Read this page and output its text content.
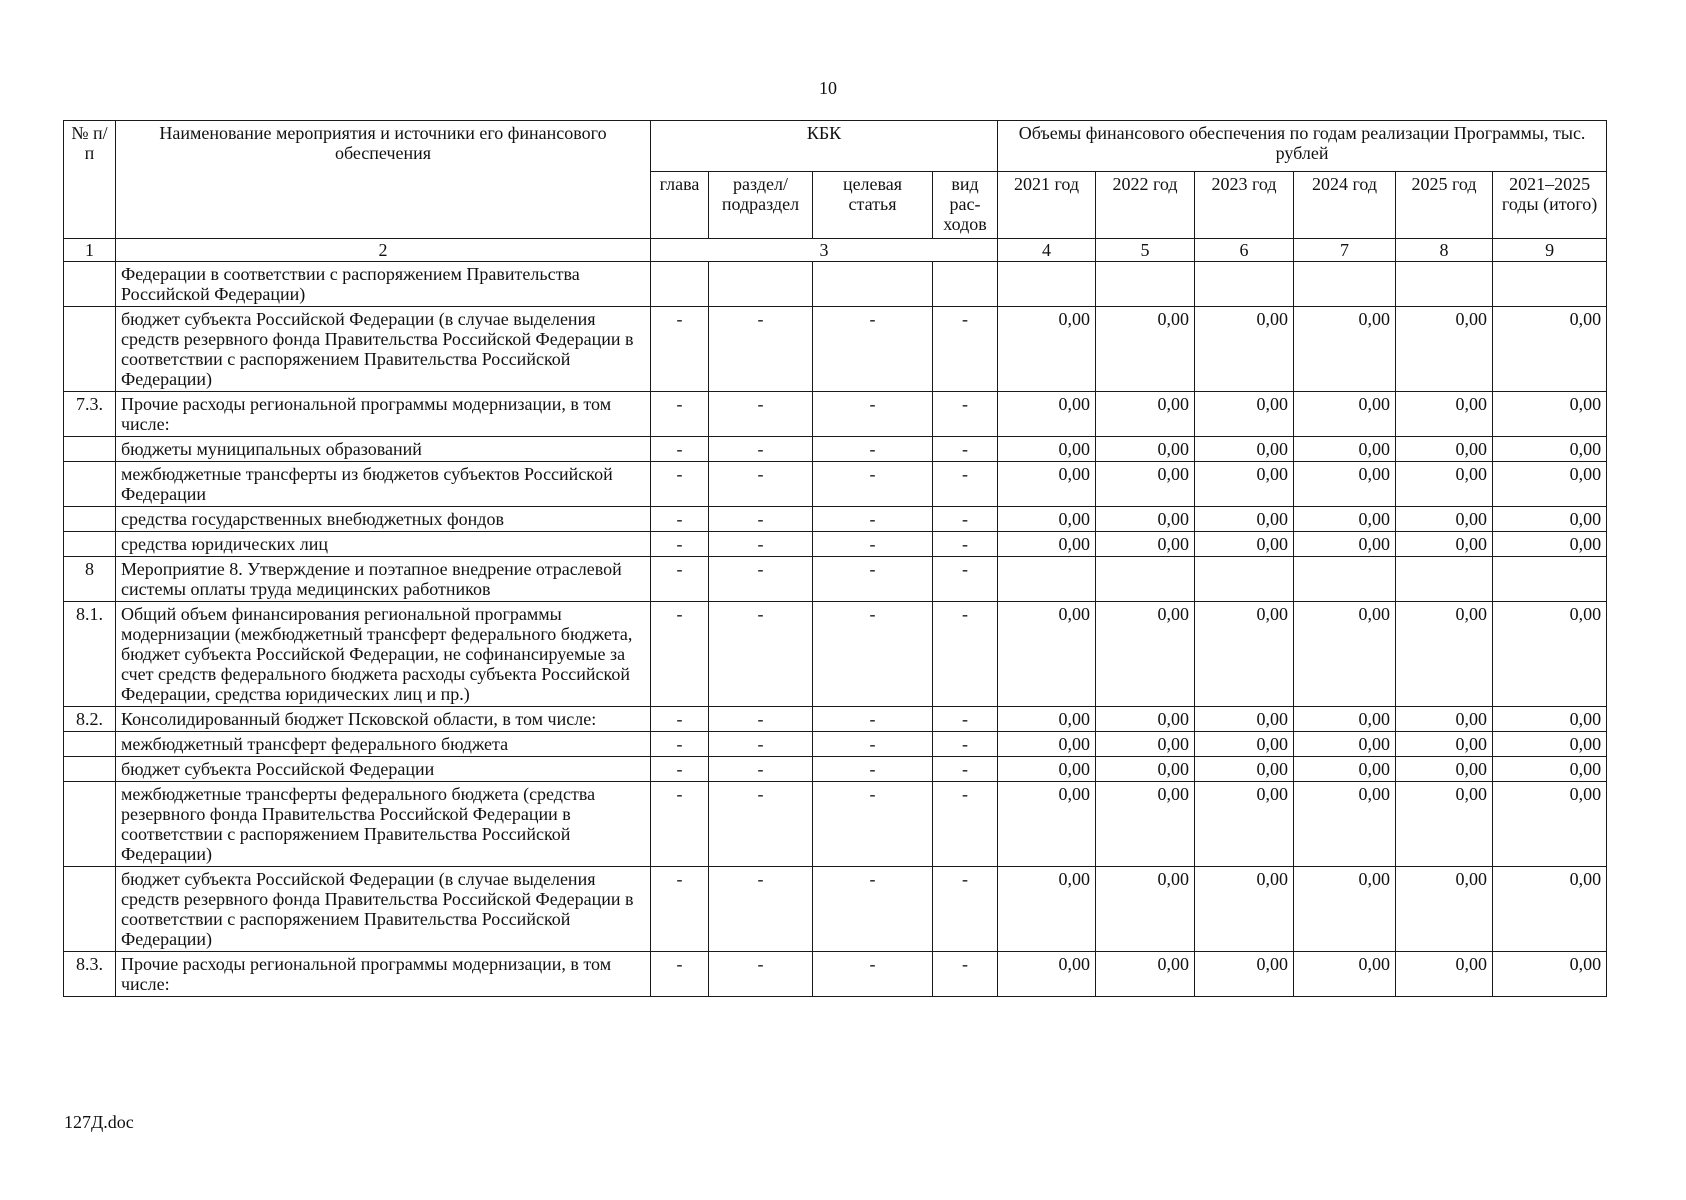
10
№ п/п	Наименование мероприятия и источники его финансового обеспечения	КБК				Объемы финансового обеспечения по годам реализации Программы, тыс. рублей					
		глава	раздел/ подраздел	целевая статья	вид рас-ходов	2021 год	2022 год	2023 год	2024 год	2025 год	2021–2025 годы (итого)
1	2	3				4	5	6	7	8	9
	Федерации в соответствии с распоряжением Правительства Российской Федерации)										
	бюджет субъекта Российской Федерации (в случае выделения средств резервного фонда Правительства Российской Федерации в соответствии с распоряжением Правительства Российской Федерации)	-	-	-	-	0,00	0,00	0,00	0,00	0,00	0,00
7.3.	Прочие расходы региональной программы модернизации, в том числе:	-	-	-	-	0,00	0,00	0,00	0,00	0,00	0,00
	бюджеты муниципальных образований	-	-	-	-	0,00	0,00	0,00	0,00	0,00	0,00
	межбюджетные трансферты из бюджетов субъектов Российской Федерации	-	-	-	-	0,00	0,00	0,00	0,00	0,00	0,00
	средства государственных внебюджетных фондов	-	-	-	-	0,00	0,00	0,00	0,00	0,00	0,00
	средства юридических лиц	-	-	-	-	0,00	0,00	0,00	0,00	0,00	0,00
8	Мероприятие 8. Утверждение и поэтапное внедрение отраслевой системы оплаты труда медицинских работников	-	-	-	-						
8.1.	Общий объем финансирования региональной программы модернизации (межбюджетный трансферт федерального бюджета, бюджет субъекта Российской Федерации, не софинансируемые за счет средств федерального бюджета расходы субъекта Российской Федерации, средства юридических лиц и пр.)	-	-	-	-	0,00	0,00	0,00	0,00	0,00	0,00
8.2.	Консолидированный бюджет Псковской области, в том числе:	-	-	-	-	0,00	0,00	0,00	0,00	0,00	0,00
	межбюджетный трансферт федерального бюджета	-	-	-	-	0,00	0,00	0,00	0,00	0,00	0,00
	бюджет субъекта Российской Федерации	-	-	-	-	0,00	0,00	0,00	0,00	0,00	0,00
	межбюджетные трансферты федерального бюджета (средства резервного фонда Правительства Российской Федерации в соответствии с распоряжением Правительства Российской Федерации)	-	-	-	-	0,00	0,00	0,00	0,00	0,00	0,00
	бюджет субъекта Российской Федерации (в случае выделения средств резервного фонда Правительства Российской Федерации в соответствии с распоряжением Правительства Российской Федерации)	-	-	-	-	0,00	0,00	0,00	0,00	0,00	0,00
8.3.	Прочие расходы региональной программы модернизации, в том числе:	-	-	-	-	0,00	0,00	0,00	0,00	0,00	0,00
127Д.doc
